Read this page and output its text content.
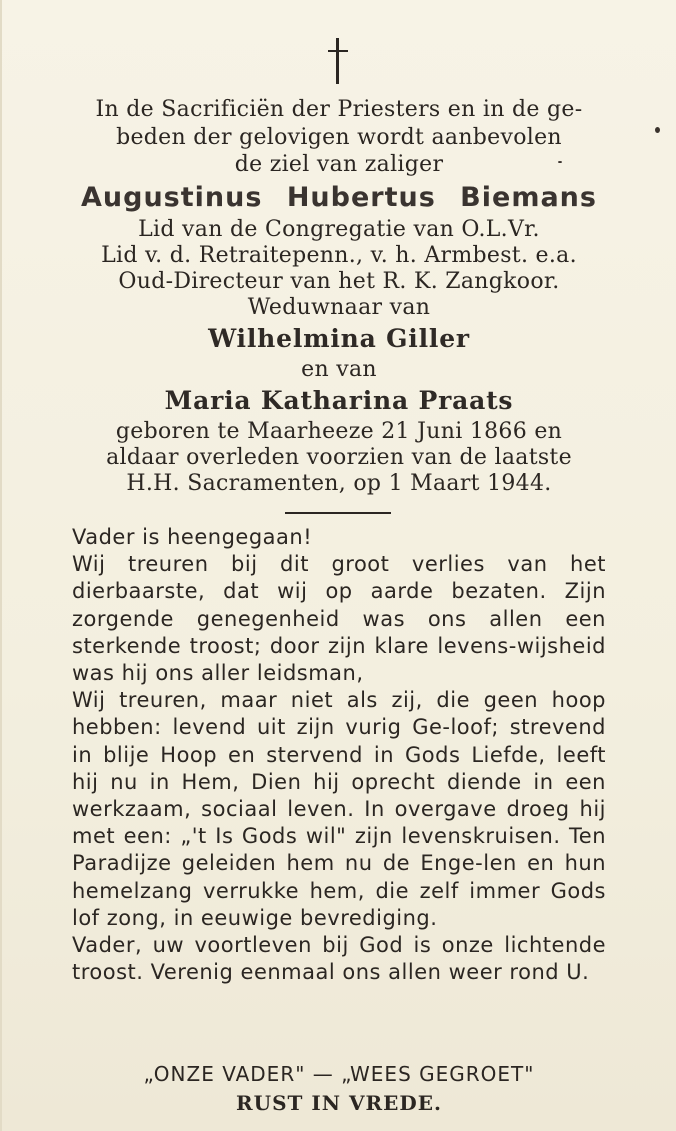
In de Sacrificiën der Priesters en in de ge-

beden der gelovigen wordt aanbevolen

de ziel van zaliger

Augustinus Hubertus Biemans

Lid van de Congregatie van O.L.Vr.

Lid v. d. Retraitepenn., v. h. Armbest. e.a.

Oud-Directeur van het R. K. Zangkoor.

Weduwnaar van

Wilhelmina Giller

en van

Maria Katharina Praats

geboren te Maarheeze 21 Juni 1866 en

aldaar overleden voorzien van de laatste

H.H. Sacramenten, op 1 Maart 1944.

Vader is heengegaan!

Wij treuren bij dit groot verlies van het dierbaarste, dat wij op aarde bezaten. Zijn zorgende genegenheid was ons allen een sterkende troost; door zijn klare levens-wijsheid was hij ons aller leidsman,

Wij treuren, maar niet als zij, die geen hoop hebben: levend uit zijn vurig Ge-loof; strevend in blije Hoop en stervend in Gods Liefde, leeft hij nu in Hem, Dien hij oprecht diende in een werkzaam, sociaal leven. In overgave droeg hij met een: „'t Is Gods wil" zijn levenskruisen. Ten Paradijze geleiden hem nu de Enge-len en hun hemelzang verrukke hem, die zelf immer Gods lof zong, in eeuwige bevrediging.

Vader, uw voortleven bij God is onze lichtende troost. Verenig eenmaal ons allen weer rond U.

„ONZE VADER" — „WEES GEGROET"

RUST IN VREDE.
